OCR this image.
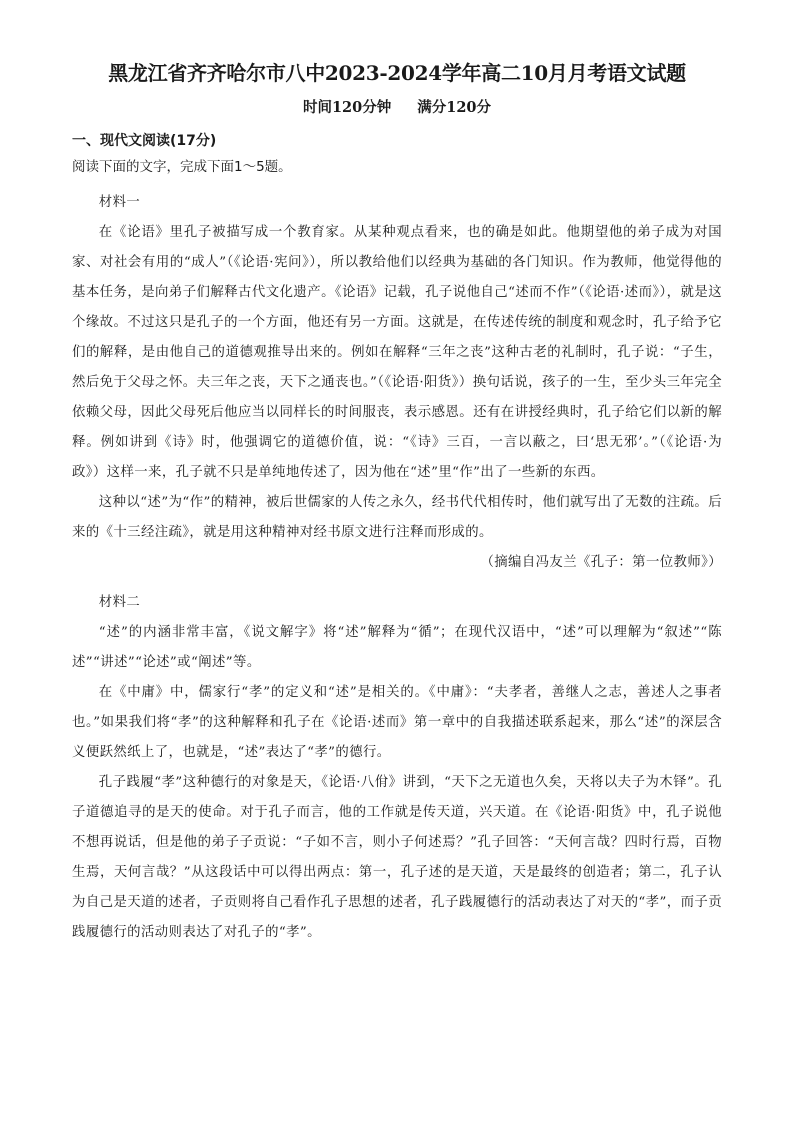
黑龙江省齐齐哈尔市八中2023-2024学年高二10月月考语文试题
时间120分钟 满分120分
一、现代文阅读(17分)
阅读下面的文字，完成下面1～5题。
材料一

在《论语》里孔子被描写成一个教育家。从某种观点看来，也的确是如此。他期望他的弟子成为对国家、对社会有用的“成人”（《论语·宪问》），所以教给他们以经典为基础的各门知识。作为教师，他觉得他的基本任务，是向弟子们解释古代文化遗产。《论语》记载，孔子说他自己“述而不作”（《论语·述而》），就是这个缘故。不过这只是孔子的一个方面，他还有另一方面。这就是，在传述传统的制度和观念时，孔子给予它们的解释，是由他自己的道德观推导出来的。例如在解释“三年之丧”这种古老的礼制时，孔子说：“子生，然后免于父母之怀。夫三年之丧，天下之通丧也。”（《论语·阳货》）换句话说，孩子的一生，至少头三年完全依赖父母，因此父母死后他应当以同样长的时间服丧，表示感恩。还有在讲授经典时，孔子给它们以新的解释。例如讲到《诗》时，他强调它的道德价值，说：“《诗》三百，一言以蔽之，曰‘思无邪’。”（《论语·为政》）这样一来，孔子就不只是单纯地传述了，因为他在“述”里“作”出了一些新的东西。

这种以“述”为“作”的精神，被后世儒家的人传之永久，经书代代相传时，他们就写出了无数的注疏。后来的《十三经注疏》，就是用这种精神对经书原文进行注释而形成的。

（摘编自冯友兰《孔子：第一位教师》）

材料二

“述”的内涵非常丰富，《说文解字》将“述”解释为“循”；在现代汉语中，“述”可以理解为“叙述”“陈述”“讲述”“论述”或“阐述”等。

在《中庸》中，儒家行“孝”的定义和“述”是相关的。《中庸》：“夫孝者，善继人之志，善述人之事者也。”如果我们将“孝”的这种解释和孔子在《论语·述而》第一章中的自我描述联系起来，那么“述”的深层含义便跃然纸上了，也就是，“述”表达了“孝”的德行。

孔子践履“孝”这种德行的对象是天，《论语·八佾》讲到，“天下之无道也久矣，天将以夫子为木铎”。孔子道德追寻的是天的使命。对于孔子而言，他的工作就是传天道，兴天道。在《论语·阳货》中，孔子说他不想再说话，但是他的弟子子贡说：“子如不言，则小子何述焉？”孔子回答：“天何言哉？四时行焉，百物生焉，天何言哉？”从这段话中可以得出两点：第一，孔子述的是天道，天是最终的创造者；第二，孔子认为自己是天道的述者，子贡则将自己看作孔子思想的述者，孔子践履德行的活动表达了对天的“孝”，而子贡践履德行的活动则表达了对孔子的“孝”。
